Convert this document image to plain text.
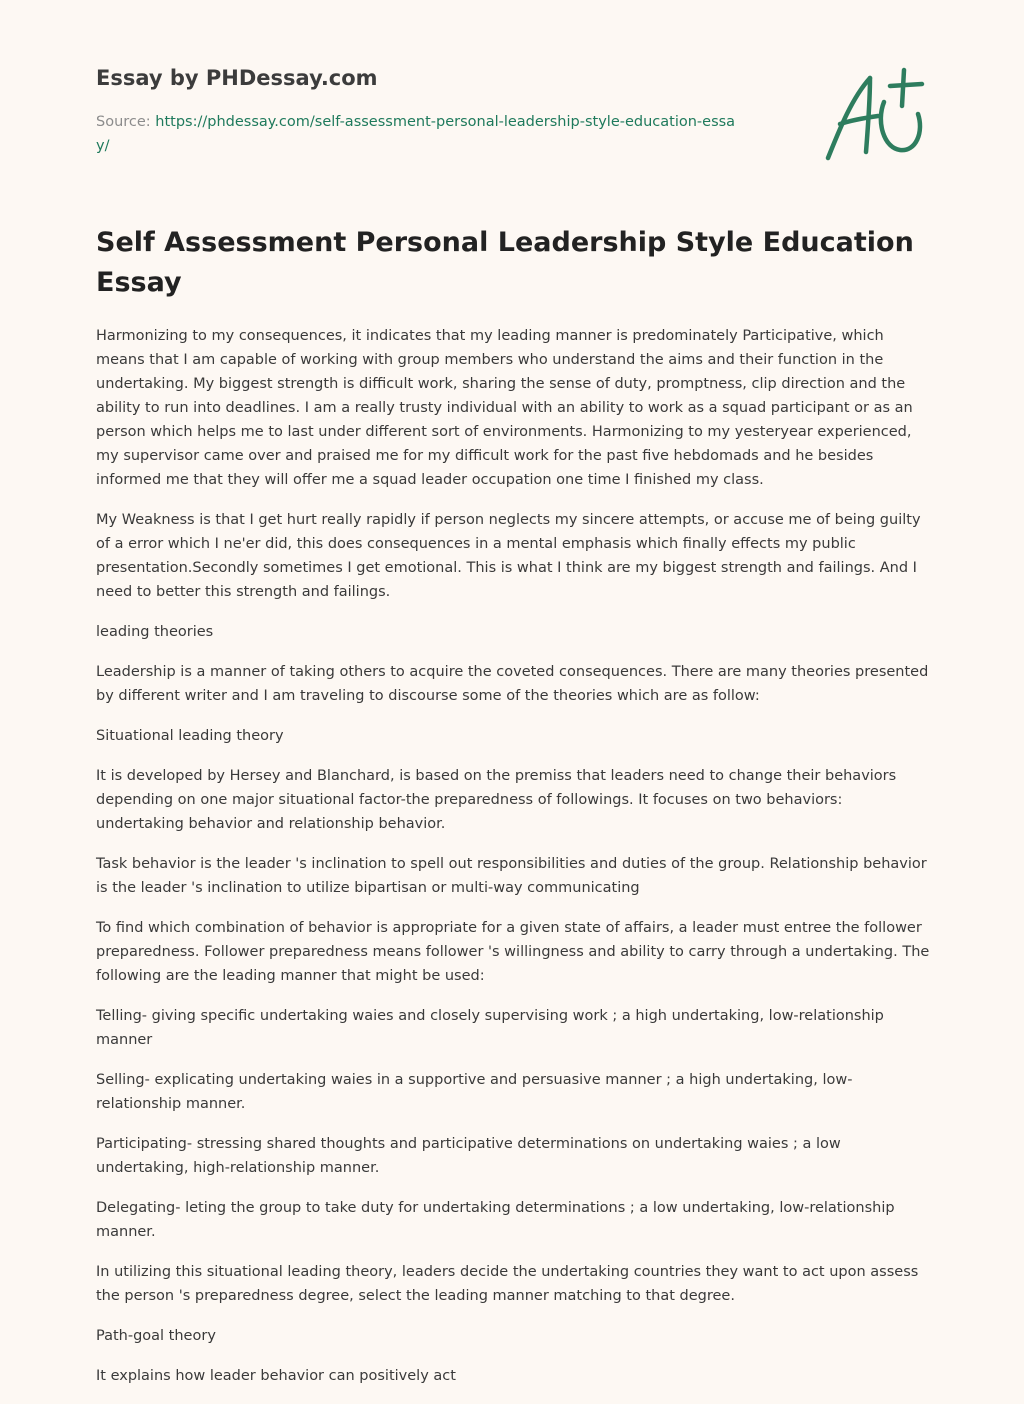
Essay by PHDessay.com
Source: https://phdessay.com/self-assessment-personal-leadership-style-education-essay/
Self Assessment Personal Leadership Style Education Essay

Harmonizing to my consequences, it indicates that my leading manner is predominately Participative, which means that I am capable of working with group members who understand the aims and their function in the undertaking. My biggest strength is difficult work, sharing the sense of duty, promptness, clip direction and the ability to run into deadlines. I am a really trusty individual with an ability to work as a squad participant or as an person which helps me to last under different sort of environments. Harmonizing to my yesteryear experienced, my supervisor came over and praised me for my difficult work for the past five hebdomads and he besides informed me that they will offer me a squad leader occupation one time I finished my class.

My Weakness is that I get hurt really rapidly if person neglects my sincere attempts, or accuse me of being guilty of a error which I ne'er did, this does consequences in a mental emphasis which finally effects my public presentation.Secondly sometimes I get emotional. This is what I think are my biggest strength and failings. And I need to better this strength and failings.

leading theories

Leadership is a manner of taking others to acquire the coveted consequences. There are many theories presented by different writer and I am traveling to discourse some of the theories which are as follow:

Situational leading theory

It is developed by Hersey and Blanchard, is based on the premiss that leaders need to change their behaviors depending on one major situational factor-the preparedness of followings. It focuses on two behaviors: undertaking behavior and relationship behavior.

Task behavior is the leader 's inclination to spell out responsibilities and duties of the group. Relationship behavior is the leader 's inclination to utilize bipartisan or multi-way communicating

To find which combination of behavior is appropriate for a given state of affairs, a leader must entree the follower preparedness. Follower preparedness means follower 's willingness and ability to carry through a undertaking. The following are the leading manner that might be used:

Telling- giving specific undertaking waies and closely supervising work ; a high undertaking, low-relationship manner

Selling- explicating undertaking waies in a supportive and persuasive manner ; a high undertaking, low-relationship manner.

Participating- stressing shared thoughts and participative determinations on undertaking waies ; a low undertaking, high-relationship manner.

Delegating- leting the group to take duty for undertaking determinations ; a low undertaking, low-relationship manner.

In utilizing this situational leading theory, leaders decide the undertaking countries they want to act upon assess the person 's preparedness degree, select the leading manner matching to that degree.

Path-goal theory

It explains how leader behavior can positively act
